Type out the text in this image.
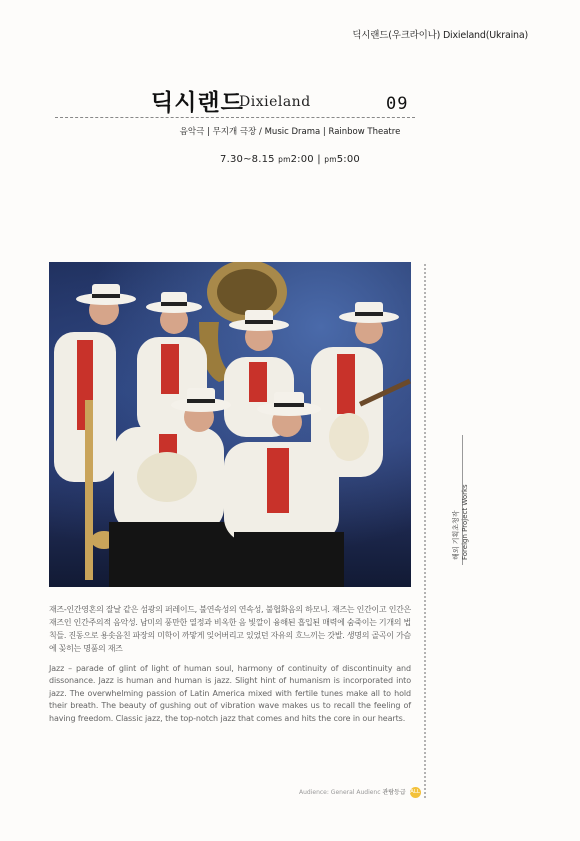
딕시랜드(우크라이나) Dixieland(Ukraina)
딕시랜드
Dixieland	09
음악극 | 무지개 극장 / Music Drama | Rainbow Theatre
7.30~8.15 pm2:00 | pm5:00
해외 기획초청작 Foreign Project Works
재즈-인간영혼의 잘날 같은 섬광의 퍼레이드, 불연속성의 연속성, 불협화음의 하모니. 재즈는 인간이고 인간은 재즈인 인간주의적 음악성. 남미의 풍만한 열정과 비옥한 음 빛깔이 융해된 흡입된 매력에 숨죽이는 기개의 법칙들. 진동으로 용솟음친 파장의 미학이 까맣게 잊어버리고 있었던 자유의 흐느끼는 갓발. 생명의 골곡이 가슴에 꽂히는 명품의 재즈
Jazz – parade of glint of light of human soul, harmony of continuity of discontinuity and dissonance. Jazz is human and human is jazz. Slight hint of humanism is incorporated into jazz. The overwhelming passion of Latin America mixed with fertile tunes make all to hold their breath. The beauty of gushing out of vibration wave makes us to recall the feeling of having freedom. Classic jazz, the top-notch jazz that comes and hits the core in our hearts.
Audience: General Audienc 관람등급 ALL
